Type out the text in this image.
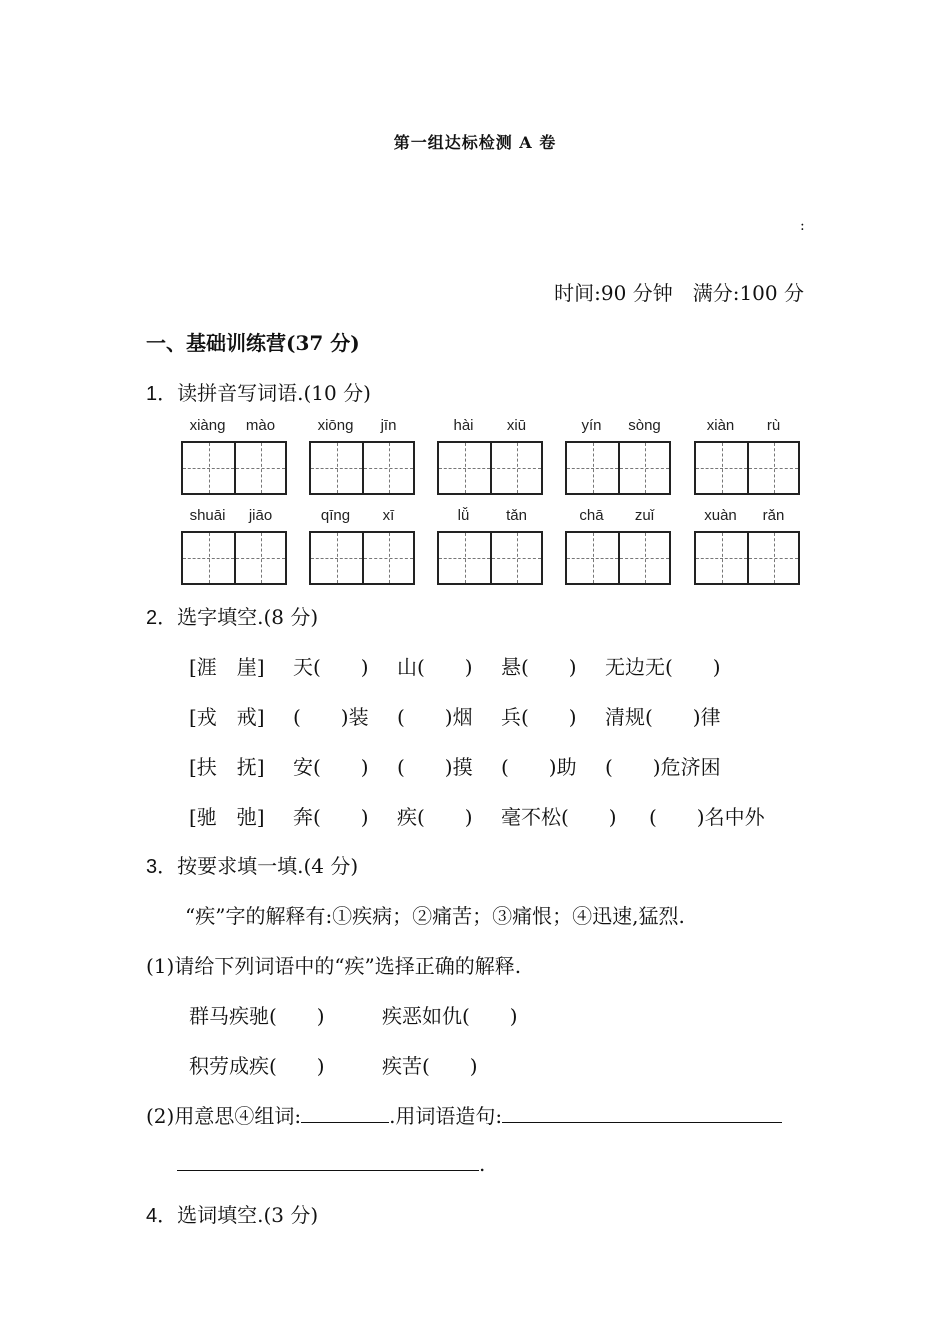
第一组达标检测 A 卷
:
时间:90 分钟　满分:100 分
一、基础训练营(37 分)
1．读拼音写词语.(10 分)
xiàng	mào	xiōng	jīn	hài	xiū	yín	sòng	xiàn	rù
shuāi	jiāo	qīng	xī	lǚ	tǎn	chā	zuǐ	xuàn	rǎn
2．选字填空.(8 分)
[涯　崖] 天(　　) 山(　　) 悬(　　) 无边无(　　)
[戎　戒] (　　)装 (　　)烟 兵(　　) 清规(　　)律
[扶　抚] 安(　　) (　　)摸 (　　)助 (　　)危济困
[驰　弛] 奔(　　) 疾(　　) 毫不松(　　) (　　)名中外
3．按要求填一填.(4 分)
“疾”字的解释有:①疾病；②痛苦；③痛恨；④迅速,猛烈.
(1)请给下列词语中的“疾”选择正确的解释.
群马疾驰(　　)	疾恶如仇(　　)
积劳成疾(　　)	疾苦(　　)
(2)用意思④组词:	.用词语造句:
.
4．选词填空.(3 分)
